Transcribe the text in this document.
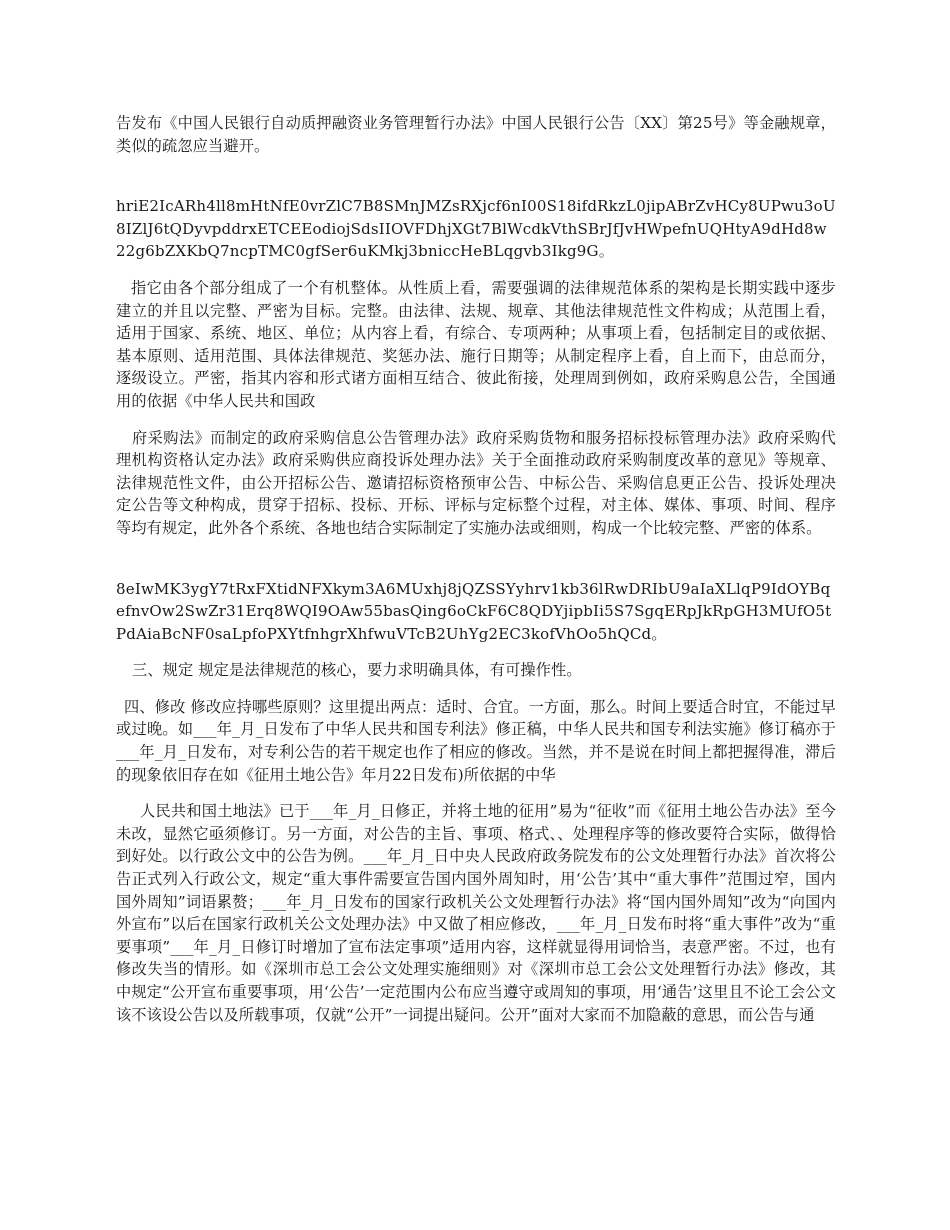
告发布《中国人民银行自动质押融资业务管理暂行办法》中国人民银行公告〔XX〕第25号》等金融规章，类似的疏忽应当避开。

hriE2IcARh4ll8mHtNfE0vrZlC7B8SMnJMZsRXjcf6nI00S18ifdRkzL0jipABrZvHCy8UPwu3oU8IZlJ6tQDyvpddrxETCEEodiojSdsIIOVFDhjXGt7BlWcdkVthSBrJfJvHWpefnUQHtyA9dHd8w22g6bZXKbQ7ncpTMC0gfSer6uKMkj3bniccHeBLqgvb3Ikg9G。

指它由各个部分组成了一个有机整体。从性质上看，需要强调的法律规范体系的架构是长期实践中逐步建立的并且以完整、严密为目标。完整。由法律、法规、规章、其他法律规范性文件构成；从范围上看，适用于国家、系统、地区、单位；从内容上看，有综合、专项两种；从事项上看，包括制定目的或依据、基本原则、适用范围、具体法律规范、奖惩办法、施行日期等；从制定程序上看，自上而下，由总而分，逐级设立。严密，指其内容和形式诸方面相互结合、彼此衔接，处理周到例如，政府采购息公告，全国通用的依据《中华人民共和国政

府采购法》而制定的政府采购信息公告管理办法》政府采购货物和服务招标投标管理办法》政府采购代理机构资格认定办法》政府采购供应商投诉处理办法》关于全面推动政府采购制度改革的意见》等规章、法律规范性文件，由公开招标公告、邀请招标资格预审公告、中标公告、采购信息更正公告、投诉处理决定公告等文种构成，贯穿于招标、投标、开标、评标与定标整个过程，对主体、媒体、事项、时间、程序等均有规定，此外各个系统、各地也结合实际制定了实施办法或细则，构成一个比较完整、严密的体系。

8eIwMK3ygY7tRxFXtidNFXkym3A6MUxhj8jQZSSYyhrv1kb36lRwDRIbU9aIaXLlqP9IdOYBqefnvOw2SwZr31Erq8WQI9OAw55basQing6oCkF6C8QDYjipbIi5S7SgqERpJkRpGH3MUfO5tPdAiaBcNF0saLpfoPXYtfnhgrXhfwuVTcB2UhYg2EC3kofVhOo5hQCd。

三、规定 规定是法律规范的核心，要力求明确具体，有可操作性。

四、修改 修改应持哪些原则？这里提出两点：适时、合宜。一方面，那么。时间上要适合时宜，不能过早或过晚。如___年_月_日发布了中华人民共和国专利法》修正稿，中华人民共和国专利法实施》修订稿亦于___年_月_日发布，对专利公告的若干规定也作了相应的修改。当然，并不是说在时间上都把握得准，滞后的现象依旧存在如《征用土地公告》年月22日发布)所依据的中华

人民共和国土地法》已于___年_月_日修正，并将土地的征用”易为“征收”而《征用土地公告办法》至今未改，显然它亟须修订。另一方面，对公告的主旨、事项、格式、、处理程序等的修改要符合实际，做得恰到好处。以行政公文中的公告为例。___年_月_日中央人民政府政务院发布的公文处理暂行办法》首次将公告正式列入行政公文，规定“重大事件需要宣告国内国外周知时，用‘公告’其中“重大事件”范围过窄，国内国外周知”词语累赘；___年_月_日发布的国家行政机关公文处理暂行办法》将“国内国外周知”改为“向国内外宣布”以后在国家行政机关公文处理办法》中又做了相应修改，___年_月_日发布时将“重大事件”改为“重要事项”___年_月_日修订时增加了宣布法定事项”适用内容，这样就显得用词恰当，表意严密。不过，也有修改失当的情形。如《深圳市总工会公文处理实施细则》对《深圳市总工会公文处理暂行办法》修改，其中规定“公开宣布重要事项，用‘公告’一定范围内公布应当遵守或周知的事项，用‘通告’这里且不论工会公文该不该设公告以及所载事项，仅就“公开”一词提出疑问。公开”面对大家而不加隐蔽的意思，而公告与通
